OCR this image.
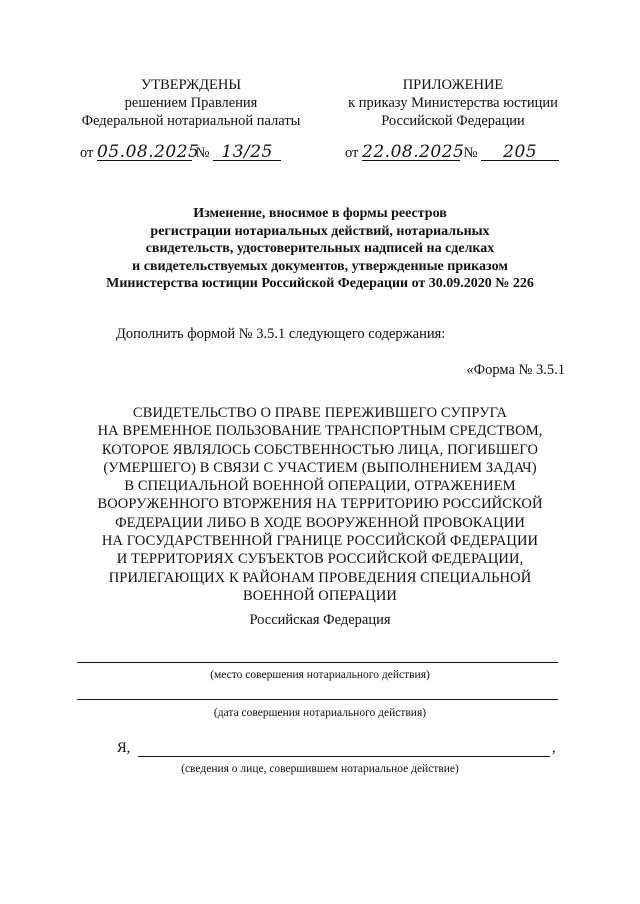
УТВЕРЖДЕНЫ
решением Правления
Федеральной нотариальной палаты
от 05.08.2025 № 13/25
ПРИЛОЖЕНИЕ
к приказу Министерства юстиции
Российской Федерации
от 22.08.2025 № 205
Изменение, вносимое в формы реестров
регистрации нотариальных действий, нотариальных
свидетельств, удостоверительных надписей на сделках
и свидетельствуемых документов, утвержденные приказом
Министерства юстиции Российской Федерации от 30.09.2020 № 226
Дополнить формой № 3.5.1 следующего содержания:
«Форма № 3.5.1
СВИДЕТЕЛЬСТВО О ПРАВЕ ПЕРЕЖИВШЕГО СУПРУГА
НА ВРЕМЕННОЕ ПОЛЬЗОВАНИЕ ТРАНСПОРТНЫМ СРЕДСТВОМ,
КОТОРОЕ ЯВЛЯЛОСЬ СОБСТВЕННОСТЬЮ ЛИЦА, ПОГИБШЕГО
(УМЕРШЕГО) В СВЯЗИ С УЧАСТИЕМ (ВЫПОЛНЕНИЕМ ЗАДАЧ)
В СПЕЦИАЛЬНОЙ ВОЕННОЙ ОПЕРАЦИИ, ОТРАЖЕНИЕМ
ВООРУЖЕННОГО ВТОРЖЕНИЯ НА ТЕРРИТОРИЮ РОССИЙСКОЙ
ФЕДЕРАЦИИ ЛИБО В ХОДЕ ВООРУЖЕННОЙ ПРОВОКАЦИИ
НА ГОСУДАРСТВЕННОЙ ГРАНИЦЕ РОССИЙСКОЙ ФЕДЕРАЦИИ
И ТЕРРИТОРИЯХ СУБЪЕКТОВ РОССИЙСКОЙ ФЕДЕРАЦИИ,
ПРИЛЕГАЮЩИХ К РАЙОНАМ ПРОВЕДЕНИЯ СПЕЦИАЛЬНОЙ
ВОЕННОЙ ОПЕРАЦИИ
Российская Федерация
(место совершения нотариального действия)
(дата совершения нотариального действия)
Я,	,
(сведения о лице, совершившем нотариальное действие)
